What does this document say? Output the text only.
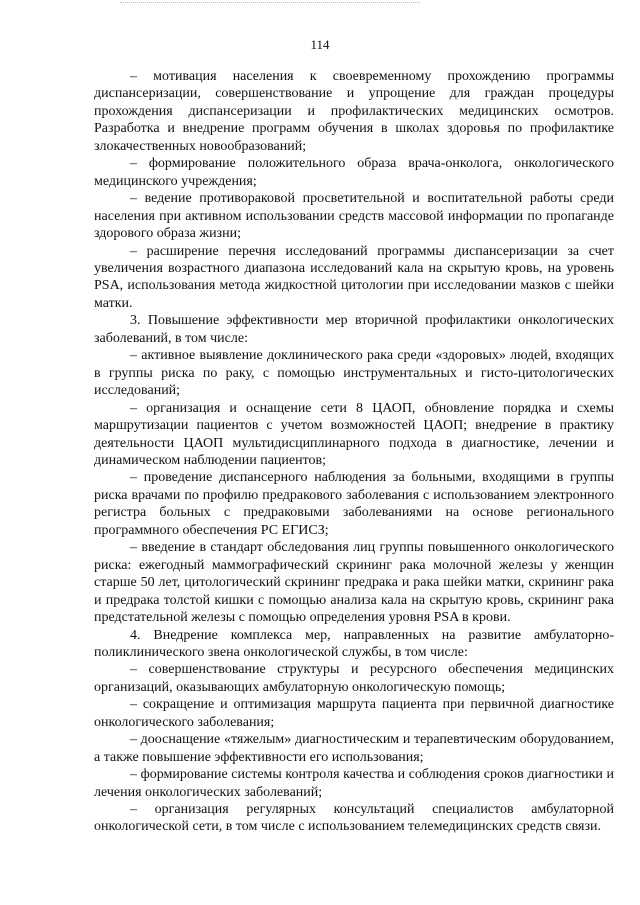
114

– мотивация населения к своевременному прохождению программы диспансеризации, совершенствование и упрощение для граждан процедуры прохождения диспансеризации и профилактических медицинских осмотров. Разработка и внедрение программ обучения в школах здоровья по профилактике злокачественных новообразований;

– формирование положительного образа врача-онколога, онкологического медицинского учреждения;

– ведение противораковой просветительной и воспитательной работы среди населения при активном использовании средств массовой информации по пропаганде здорового образа жизни;

– расширение перечня исследований программы диспансеризации за счет увеличения возрастного диапазона исследований кала на скрытую кровь, на уровень PSA, использования метода жидкостной цитологии при исследовании мазков с шейки матки.

3. Повышение эффективности мер вторичной профилактики онкологических заболеваний, в том числе:

– активное выявление доклинического рака среди «здоровых» людей, входящих в группы риска по раку, с помощью инструментальных и гисто-цитологических исследований;

– организация и оснащение сети 8 ЦАОП, обновление порядка и схемы маршрутизации пациентов с учетом возможностей ЦАОП; внедрение в практику деятельности ЦАОП мультидисциплинарного подхода в диагностике, лечении и динамическом наблюдении пациентов;

– проведение диспансерного наблюдения за больными, входящими в группы риска врачами по профилю предракового заболевания с использованием электронного регистра больных с предраковыми заболеваниями на основе регионального программного обеспечения РС ЕГИСЗ;

– введение в стандарт обследования лиц группы повышенного онкологического риска: ежегодный маммографический скрининг рака молочной железы у женщин старше 50 лет, цитологический скрининг предрака и рака шейки матки, скрининг рака и предрака толстой кишки с помощью анализа кала на скрытую кровь, скрининг рака предстательной железы с помощью определения уровня PSA в крови.

4. Внедрение комплекса мер, направленных на развитие амбулаторно-поликлинического звена онкологической службы, в том числе:

– совершенствование структуры и ресурсного обеспечения медицинских организаций, оказывающих амбулаторную онкологическую помощь;

– сокращение и оптимизация маршрута пациента при первичной диагностике онкологического заболевания;

– дооснащение «тяжелым» диагностическим и терапевтическим оборудованием, а также повышение эффективности его использования;

– формирование системы контроля качества и соблюдения сроков диагностики и лечения онкологических заболеваний;

– организация регулярных консультаций специалистов амбулаторной онкологической сети, в том числе с использованием телемедицинских средств связи.
